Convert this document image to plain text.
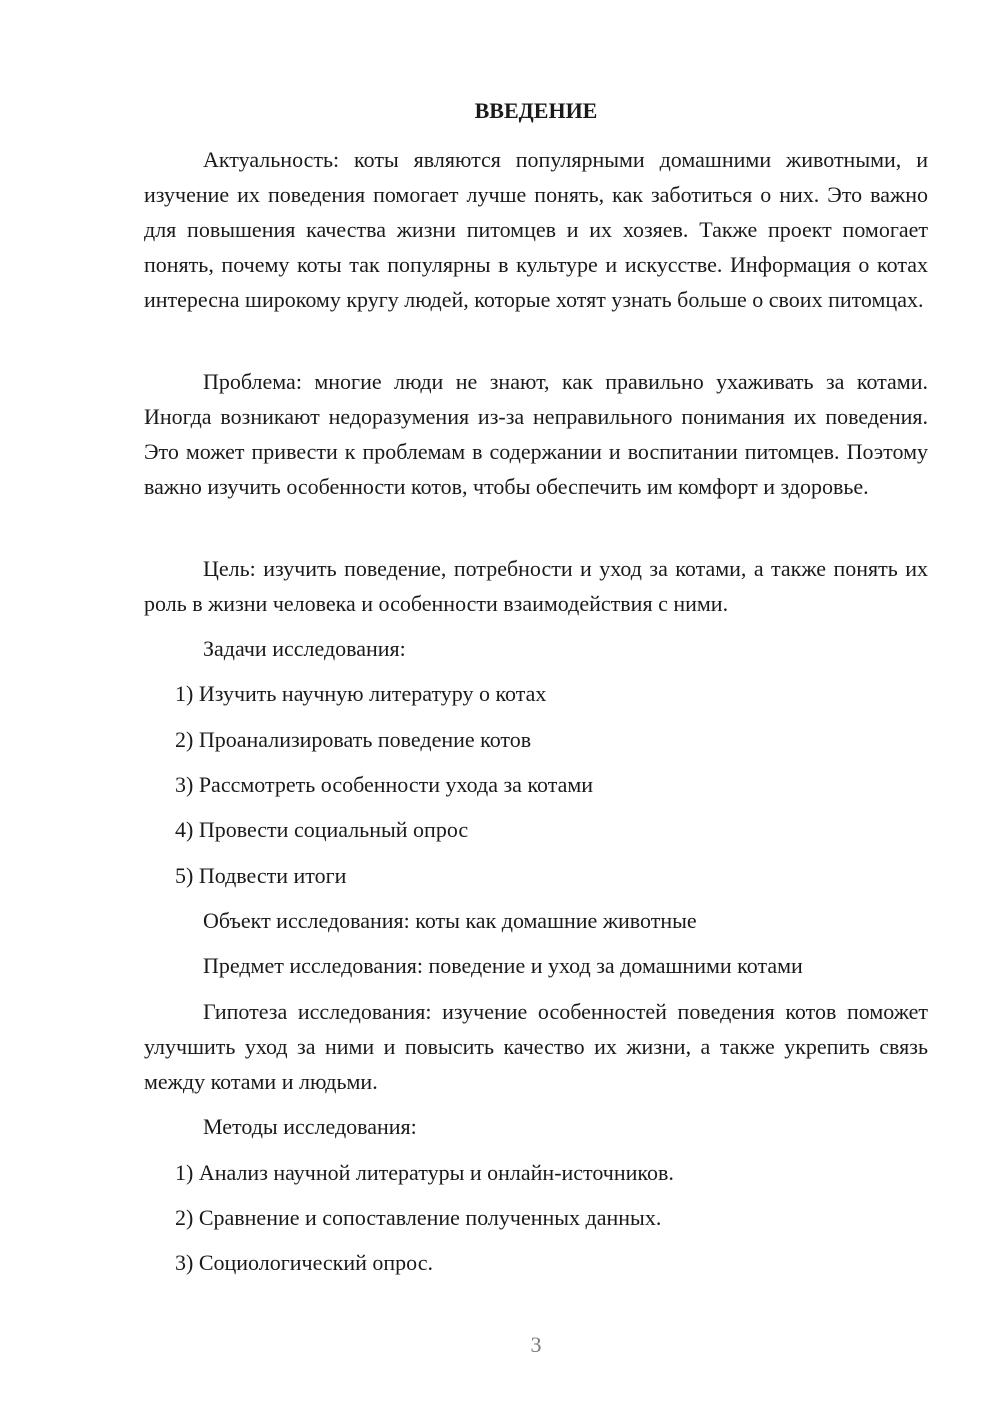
ВВЕДЕНИЕ

Актуальность: коты являются популярными домашними животными, и изучение их поведения помогает лучше понять, как заботиться о них. Это важно для повышения качества жизни питомцев и их хозяев. Также проект помогает понять, почему коты так популярны в культуре и искусстве. Информация о котах интересна широкому кругу людей, которые хотят узнать больше о своих питомцах.

Проблема: многие люди не знают, как правильно ухаживать за котами. Иногда возникают недоразумения из-за неправильного понимания их поведения. Это может привести к проблемам в содержании и воспитании питомцев. Поэтому важно изучить особенности котов, чтобы обеспечить им комфорт и здоровье.

Цель: изучить поведение, потребности и уход за котами, а также понять их роль в жизни человека и особенности взаимодействия с ними.

Задачи исследования:

1) Изучить научную литературу о котах

2) Проанализировать поведение котов

3) Рассмотреть особенности ухода за котами

4) Провести социальный опрос

5) Подвести итоги

Объект исследования: коты как домашние животные

Предмет исследования: поведение и уход за домашними котами

Гипотеза исследования: изучение особенностей поведения котов поможет улучшить уход за ними и повысить качество их жизни, а также укрепить связь между котами и людьми.

Методы исследования:

1) Анализ научной литературы и онлайн-источников.

2) Сравнение и сопоставление полученных данных.

3) Социологический опрос.

3
